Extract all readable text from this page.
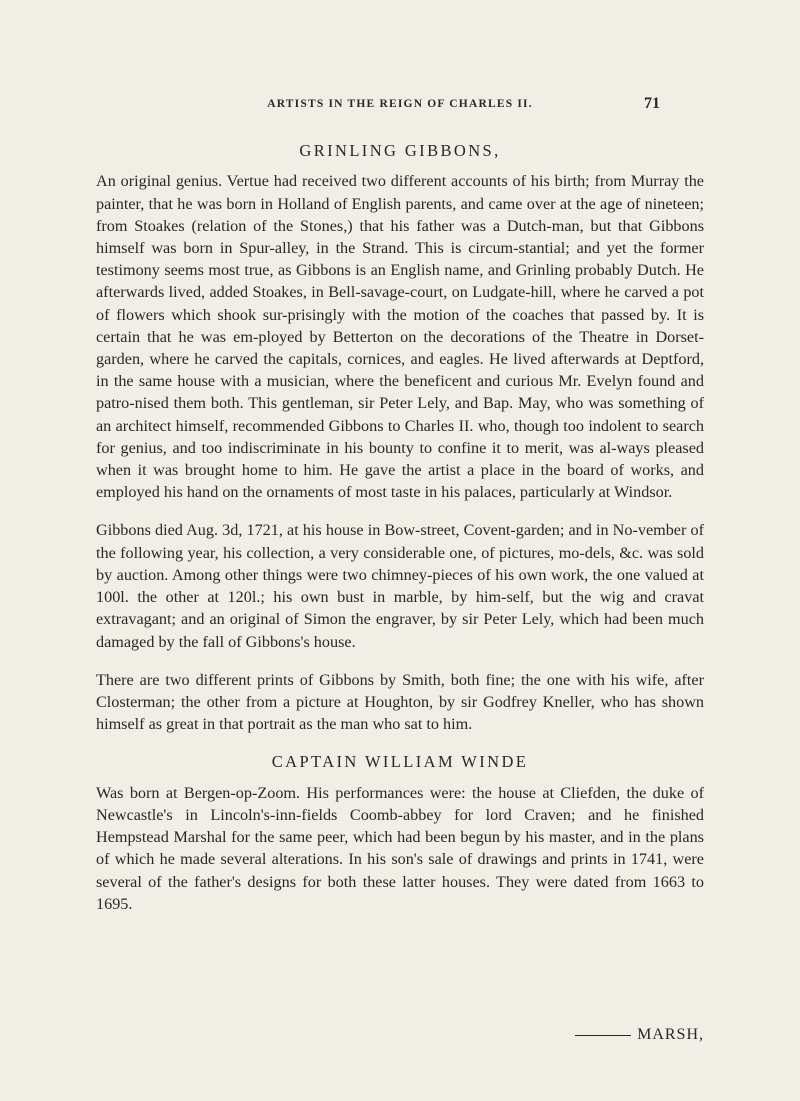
ARTISTS IN THE REIGN OF CHARLES II.	71
GRINLING GIBBONS,

An original genius. Vertue had received two different accounts of his birth; from Murray the painter, that he was born in Holland of English parents, and came over at the age of nineteen; from Stoakes (relation of the Stones,) that his father was a Dutch-man, but that Gibbons himself was born in Spur-alley, in the Strand. This is circum-stantial; and yet the former testimony seems most true, as Gibbons is an English name, and Grinling probably Dutch. He afterwards lived, added Stoakes, in Bell-savage-court, on Ludgate-hill, where he carved a pot of flowers which shook sur-prisingly with the motion of the coaches that passed by. It is certain that he was em-ployed by Betterton on the decorations of the Theatre in Dorset-garden, where he carved the capitals, cornices, and eagles. He lived afterwards at Deptford, in the same house with a musician, where the beneficent and curious Mr. Evelyn found and patro-nised them both. This gentleman, sir Peter Lely, and Bap. May, who was something of an architect himself, recommended Gibbons to Charles II. who, though too indolent to search for genius, and too indiscriminate in his bounty to confine it to merit, was al-ways pleased when it was brought home to him. He gave the artist a place in the board of works, and employed his hand on the ornaments of most taste in his palaces, particularly at Windsor.

Gibbons died Aug. 3d, 1721, at his house in Bow-street, Covent-garden; and in No-vember of the following year, his collection, a very considerable one, of pictures, mo-dels, &c. was sold by auction. Among other things were two chimney-pieces of his own work, the one valued at 100l. the other at 120l.; his own bust in marble, by him-self, but the wig and cravat extravagant; and an original of Simon the engraver, by sir Peter Lely, which had been much damaged by the fall of Gibbons's house.

There are two different prints of Gibbons by Smith, both fine; the one with his wife, after Closterman; the other from a picture at Houghton, by sir Godfrey Kneller, who has shown himself as great in that portrait as the man who sat to him.

CAPTAIN WILLIAM WINDE

Was born at Bergen-op-Zoom. His performances were: the house at Cliefden, the duke of Newcastle's in Lincoln's-inn-fields Coomb-abbey for lord Craven; and he finished Hempstead Marshal for the same peer, which had been begun by his master, and in the plans of which he made several alterations. In his son's sale of drawings and prints in 1741, were several of the father's designs for both these latter houses. They were dated from 1663 to 1695.

MARSH,
